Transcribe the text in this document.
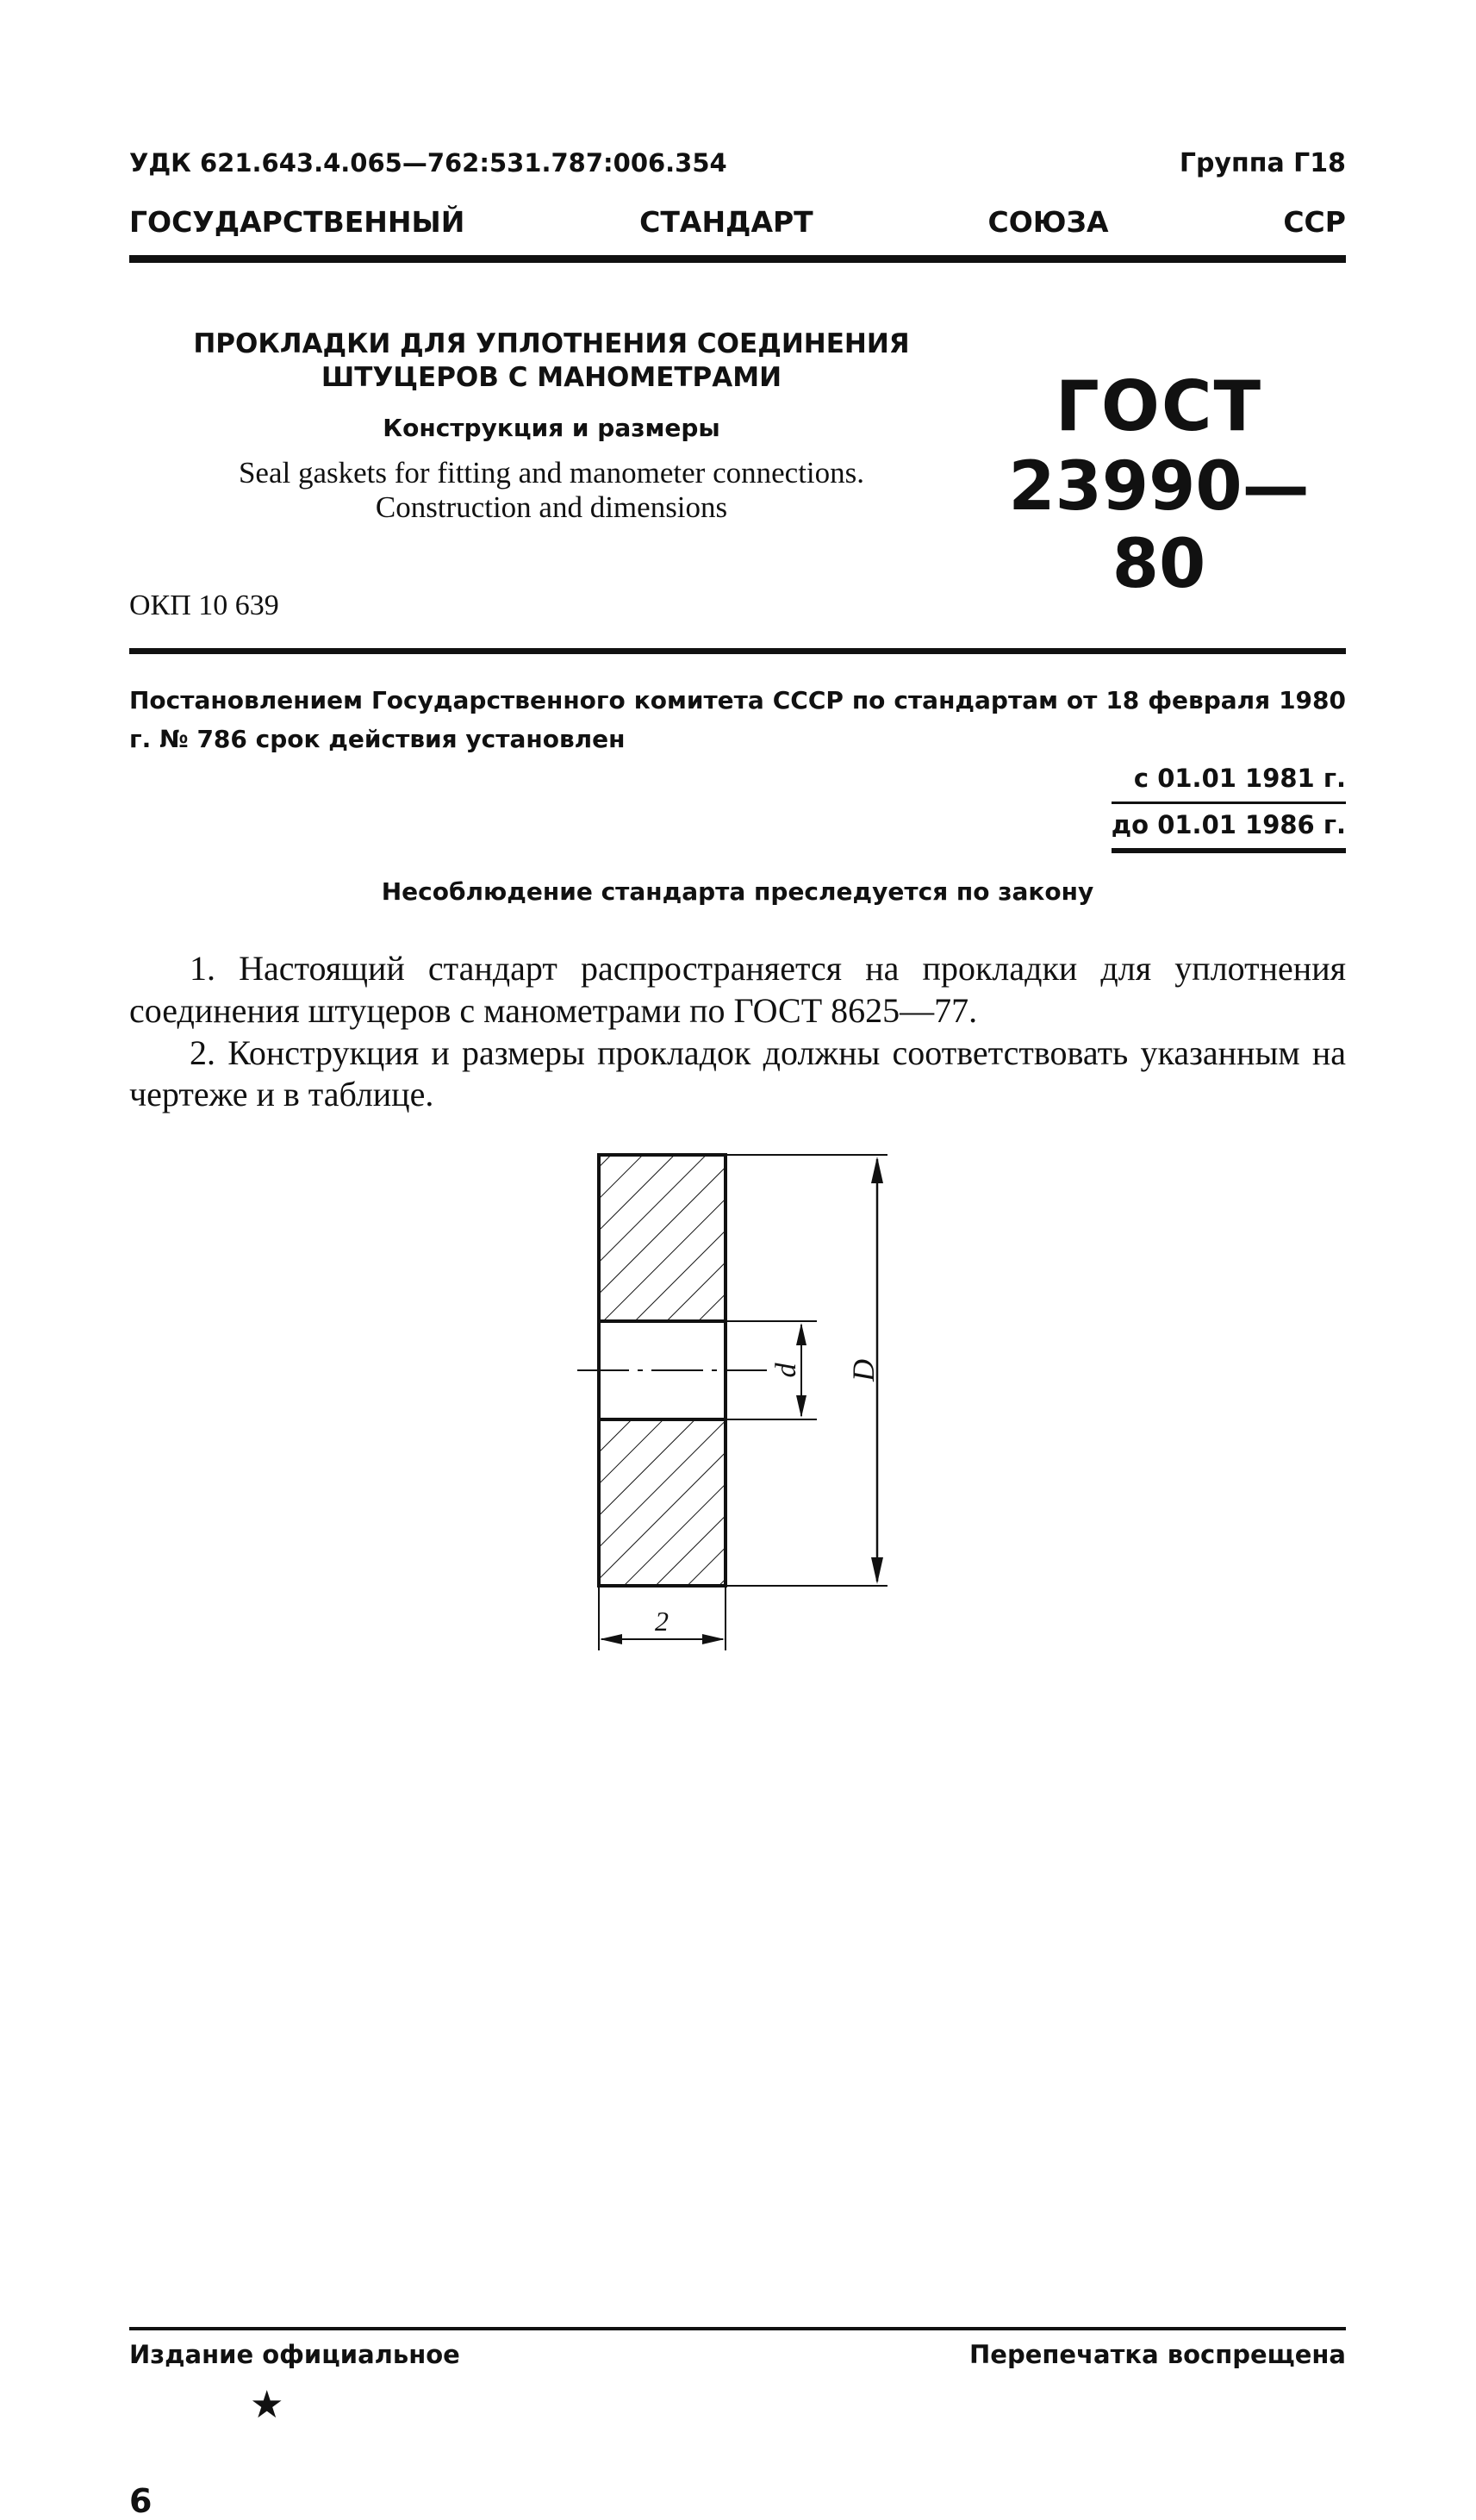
УДК 621.643.4.065—762:531.787:006.354	Группа Г18
ГОСУДАРСТВЕННЫЙ	СТАНДАРТ	СОЮЗА	ССР
ПРОКЛАДКИ ДЛЯ УПЛОТНЕНИЯ СОЕДИНЕНИЯ
ШТУЦЕРОВ С МАНОМЕТРАМИ
Конструкция и размеры
Seal gaskets for fitting and manometer connections.
Construction and dimensions
ГОСТ
23990—80
ОКП 10 639
Постановлением Государственного комитета СССР по стандартам от 18 февраля 1980 г. № 786 срок действия установлен
с 01.01 1981 г.
до 01.01 1986 г.
Несоблюдение стандарта преследуется по закону

1. Настоящий стандарт распространяется на прокладки для уплотнения соединения штуцеров с манометрами по ГОСТ 8625—77.

2. Конструкция и размеры прокладок должны соответствовать указанным на чертеже и в таблице.

d D
2
Издание официальное	Перепечатка воспрещена
★
6
